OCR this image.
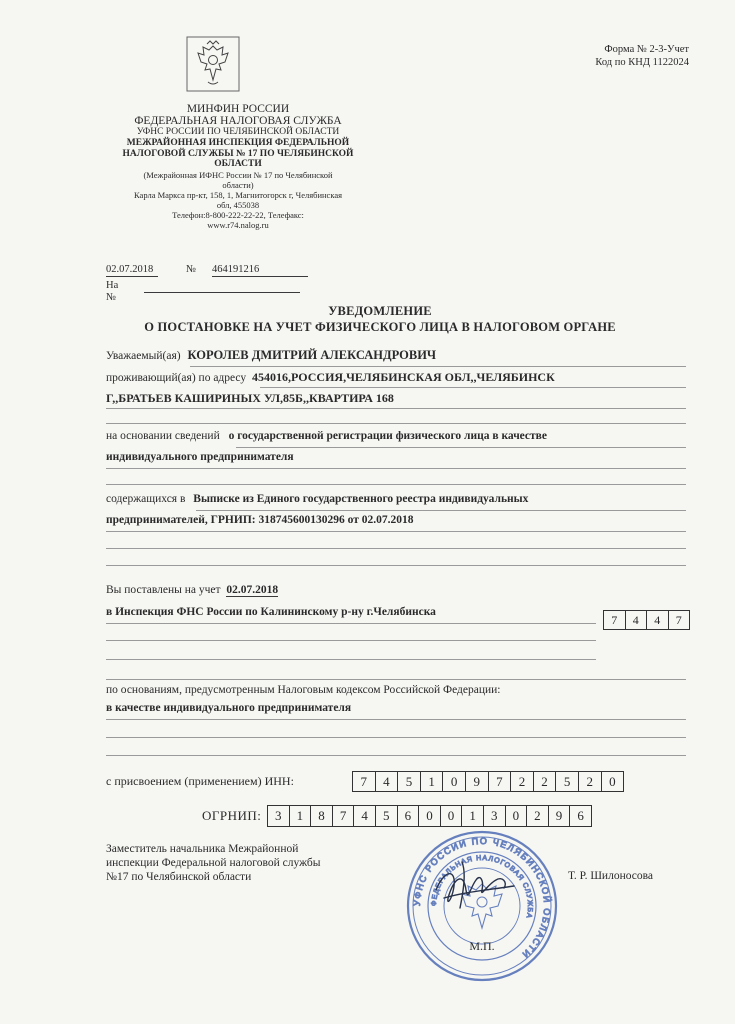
МИНФИН РОССИИ
ФЕДЕРАЛЬНАЯ НАЛОГОВАЯ СЛУЖБА
УФНС РОССИИ ПО ЧЕЛЯБИНСКОЙ ОБЛАСТИ
МЕЖРАЙОННАЯ ИНСПЕКЦИЯ ФЕДЕРАЛЬНОЙ
НАЛОГОВОЙ СЛУЖБЫ № 17 ПО ЧЕЛЯБИНСКОЙ
ОБЛАСТИ
(Межрайонная ИФНС России № 17 по Челябинской
области)
Карла Маркса пр-кт, 158, 1, Магнитогорск г, Челябинская
обл, 455038
Телефон:8-800-222-22-22, Телефакс:
www.r74.nalog.ru
Форма № 2-3-Учет
Код по КНД 1122024
02.07.2018	№ 464191216
На №
УВЕДОМЛЕНИЕ
О ПОСТАНОВКЕ НА УЧЕТ ФИЗИЧЕСКОГО ЛИЦА В НАЛОГОВОМ ОРГАНЕ
Уважаемый(ая) КОРОЛЕВ ДМИТРИЙ АЛЕКСАНДРОВИЧ
проживающий(ая) по адресу 454016,РОССИЯ,ЧЕЛЯБИНСКАЯ ОБЛ,,ЧЕЛЯБИНСК
Г,,БРАТЬЕВ КАШИРИНЫХ УЛ,85Б,,КВАРТИРА 168
на основании сведений о государственной регистрации физического лица в качестве
индивидуального предпринимателя
содержащихся в Выписке из Единого государственного реестра индивидуальных
предпринимателей, ГРНИП: 318745600130296 от 02.07.2018
Вы поставлены на учет 02.07.2018
в Инспекция ФНС России по Калининскому р-ну г.Челябинска
7	4	4	7
по основаниям, предусмотренным Налоговым кодексом Российской Федерации:
в качестве индивидуального предпринимателя
с присвоением (применением) ИНН:	7	4	5	1	0	9	7	2	2	5	2	0
ОГРНИП:	3	1	8	7	4	5	6	0	0	1	3	0	2	9	6
Заместитель начальника Межрайонной
инспекции Федеральной налоговой службы
№17 по Челябинской области	Т. Р. Шилоносова
УФНС РОССИИ ПО ЧЕЛЯБИНСКОЙ ОБЛАСТИ
ФЕДЕРАЛЬНАЯ НАЛОГОВАЯ СЛУЖБА
М.П.
